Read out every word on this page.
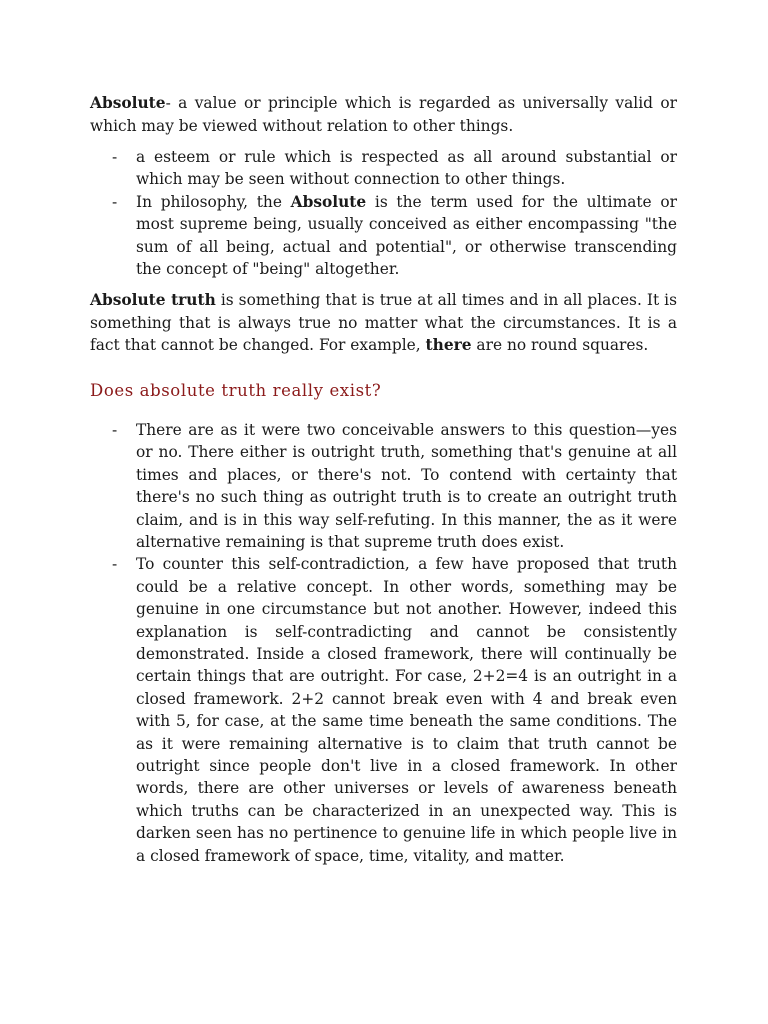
Absolute- a value or principle which is regarded as universally valid or which may be viewed without relation to other things.

- a esteem or rule which is respected as all around substantial or which may be seen without connection to other things.
- In philosophy, the Absolute is the term used for the ultimate or most supreme being, usually conceived as either encompassing "the sum of all being, actual and potential", or otherwise transcending the concept of "being" altogether.

Absolute truth is something that is true at all times and in all places. It is something that is always true no matter what the circumstances. It is a fact that cannot be changed. For example, there are no round squares.

Does absolute truth really exist?
- There are as it were two conceivable answers to this question—yes or no. There either is outright truth, something that's genuine at all times and places, or there's not. To contend with certainty that there's no such thing as outright truth is to create an outright truth claim, and is in this way self-refuting. In this manner, the as it were alternative remaining is that supreme truth does exist.
- To counter this self-contradiction, a few have proposed that truth could be a relative concept. In other words, something may be genuine in one circumstance but not another. However, indeed this explanation is self-contradicting and cannot be consistently demonstrated. Inside a closed framework, there will continually be certain things that are outright. For case, 2+2=4 is an outright in a closed framework. 2+2 cannot break even with 4 and break even with 5, for case, at the same time beneath the same conditions. The as it were remaining alternative is to claim that truth cannot be outright since people don't live in a closed framework. In other words, there are other universes or levels of awareness beneath which truths can be characterized in an unexpected way. This is darken seen has no pertinence to genuine life in which people live in a closed framework of space, time, vitality, and matter.
